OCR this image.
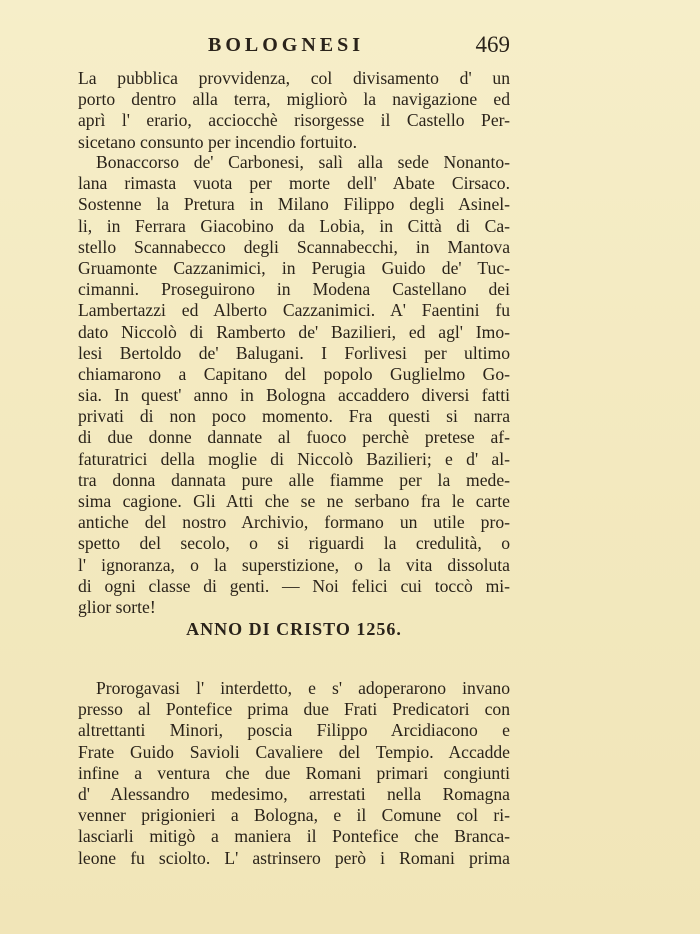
BOLOGNESI	469
La pubblica provvidenza, col divisamento d' un
porto dentro alla terra, migliorò la navigazione ed
aprì l' erario, acciocchè risorgesse il Castello Per-
sicetano consunto per incendio fortuito.
Bonaccorso de' Carbonesi, salì alla sede Nonanto-
lana rimasta vuota per morte dell' Abate Cirsaco.
Sostenne la Pretura in Milano Filippo degli Asinel-
li, in Ferrara Giacobino da Lobia, in Città di Ca-
stello Scannabecco degli Scannabecchi, in Mantova
Gruamonte Cazzanimici, in Perugia Guido de' Tuc-
cimanni. Proseguirono in Modena Castellano dei
Lambertazzi ed Alberto Cazzanimici. A' Faentini fu
dato Niccolò di Ramberto de' Bazilieri, ed agl' Imo-
lesi Bertoldo de' Balugani. I Forlivesi per ultimo
chiamarono a Capitano del popolo Guglielmo Go-
sia. In quest' anno in Bologna accaddero diversi fatti
privati di non poco momento. Fra questi si narra
di due donne dannate al fuoco perchè pretese af-
faturatrici della moglie di Niccolò Bazilieri; e d' al-
tra donna dannata pure alle fiamme per la mede-
sima cagione. Gli Atti che se ne serbano fra le carte
antiche del nostro Archivio, formano un utile pro-
spetto del secolo, o si riguardi la credulità, o
l' ignoranza, o la superstizione, o la vita dissoluta
di ogni classe di genti. — Noi felici cui toccò mi-
glior sorte!
ANNO DI CRISTO 1256.
Prorogavasi l' interdetto, e s' adoperarono invano
presso al Pontefice prima due Frati Predicatori con
altrettanti Minori, poscia Filippo Arcidiacono e
Frate Guido Savioli Cavaliere del Tempio. Accadde
infine a ventura che due Romani primari congiunti
d' Alessandro medesimo, arrestati nella Romagna
venner prigionieri a Bologna, e il Comune col ri-
lasciarli mitigò a maniera il Pontefice che Branca-
leone fu sciolto. L' astrinsero però i Romani prima
